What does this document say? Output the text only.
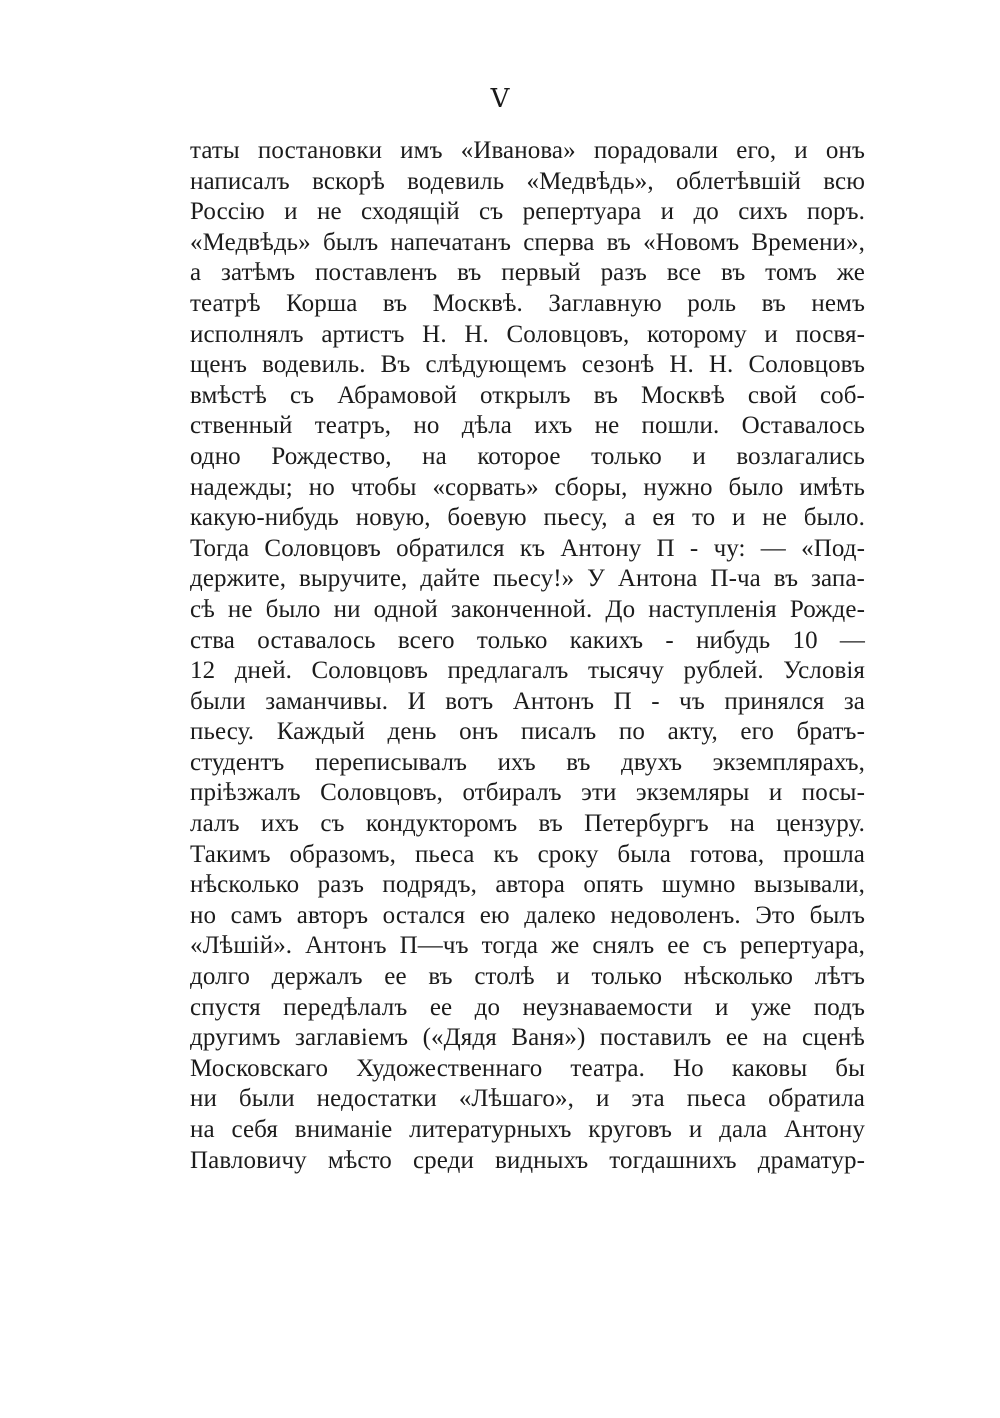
V
таты постановки имъ «Иванова» порадовали его, и онъ
написалъ вскорѣ водевиль «Медвѣдь», облетѣвшій всю
Россію и не сходящій съ репертуара и до сихъ поръ.
«Медвѣдь» былъ напечатанъ сперва въ «Новомъ Времени»,
а затѣмъ поставленъ въ первый разъ все въ томъ же
театрѣ Корша въ Москвѣ. Заглавную роль въ немъ
исполнялъ артистъ Н. Н. Соловцовъ, которому и посвя-
щенъ водевиль. Въ слѣдующемъ сезонѣ Н. Н. Соловцовъ
вмѣстѣ съ Абрамовой открылъ въ Москвѣ свой соб-
ственный театръ, но дѣла ихъ не пошли. Оставалось
одно Рождество, на которое только и возлагались
надежды; но чтобы «сорвать» сборы, нужно было имѣть
какую-нибудь новую, боевую пьесу, а ея то и не было.
Тогда Соловцовъ обратился къ Антону П - чу: — «Под-
держите, выручите, дайте пьесу!» У Антона П-ча въ запа-
сѣ не было ни одной законченной. До наступленія Рожде-
ства оставалось всего только какихъ - нибудь 10 —
12 дней. Соловцовъ предлагалъ тысячу рублей. Условія
были заманчивы. И вотъ Антонъ П - чъ принялся за
пьесу. Каждый день онъ писалъ по акту, его братъ-
студентъ переписывалъ ихъ въ двухъ экземплярахъ,
пріѣзжалъ Соловцовъ, отбиралъ эти экземляры и посы-
лалъ ихъ съ кондукторомъ въ Петербургъ на цензуру.
Такимъ образомъ, пьеса къ сроку была готова, прошла
нѣсколько разъ подрядъ, автора опять шумно вызывали,
но самъ авторъ остался ею далеко недоволенъ. Это былъ
«Лѣшій». Антонъ П—чъ тогда же снялъ ее съ репертуара,
долго держалъ ее въ столѣ и только нѣсколько лѣтъ
спустя передѣлалъ ее до неузнаваемости и уже подъ
другимъ заглавіемъ («Дядя Ваня») поставилъ ее на сценѣ
Московскаго Художественнаго театра. Но каковы бы
ни были недостатки «Лѣшаго», и эта пьеса обратила
на себя вниманіе литературныхъ круговъ и дала Антону
Павловичу мѣсто среди видныхъ тогдашнихъ драматур-
